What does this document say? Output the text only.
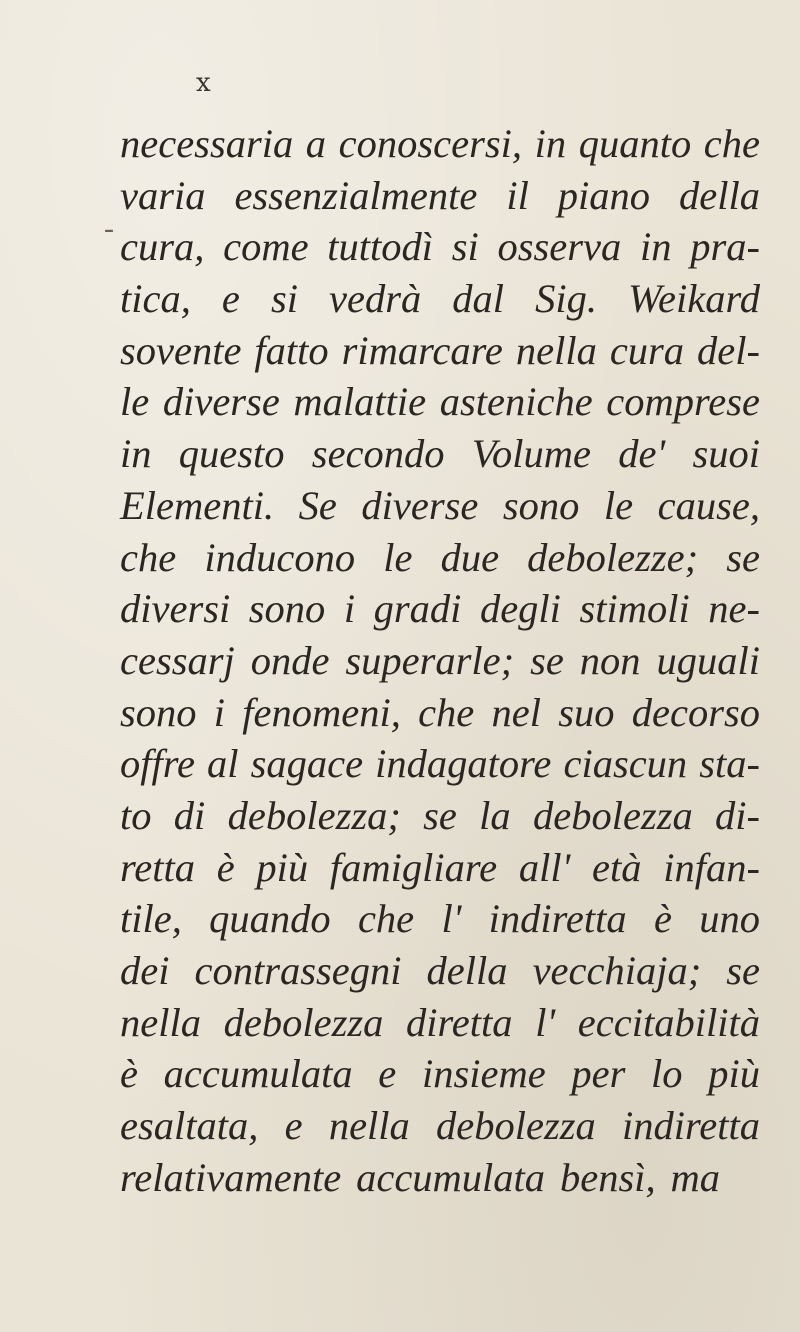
x
-
necessaria a conoscersi, in quanto che
varia essenzialmente il piano della
cura, come tuttodì si osserva in pra-
tica, e si vedrà dal Sig. Weikard
sovente fatto rimarcare nella cura del-
le diverse malattie asteniche comprese
in questo secondo Volume de' suoi
Elementi. Se diverse sono le cause,
che inducono le due debolezze; se
diversi sono i gradi degli stimoli ne-
cessarj onde superarle; se non uguali
sono i fenomeni, che nel suo decorso
offre al sagace indagatore ciascun sta-
to di debolezza; se la debolezza di-
retta è più famigliare all' età infan-
tile, quando che l' indiretta è uno
dei contrassegni della vecchiaja; se
nella debolezza diretta l' eccitabilità
è accumulata e insieme per lo più
esaltata, e nella debolezza indiretta
relativamente accumulata bensì, ma
